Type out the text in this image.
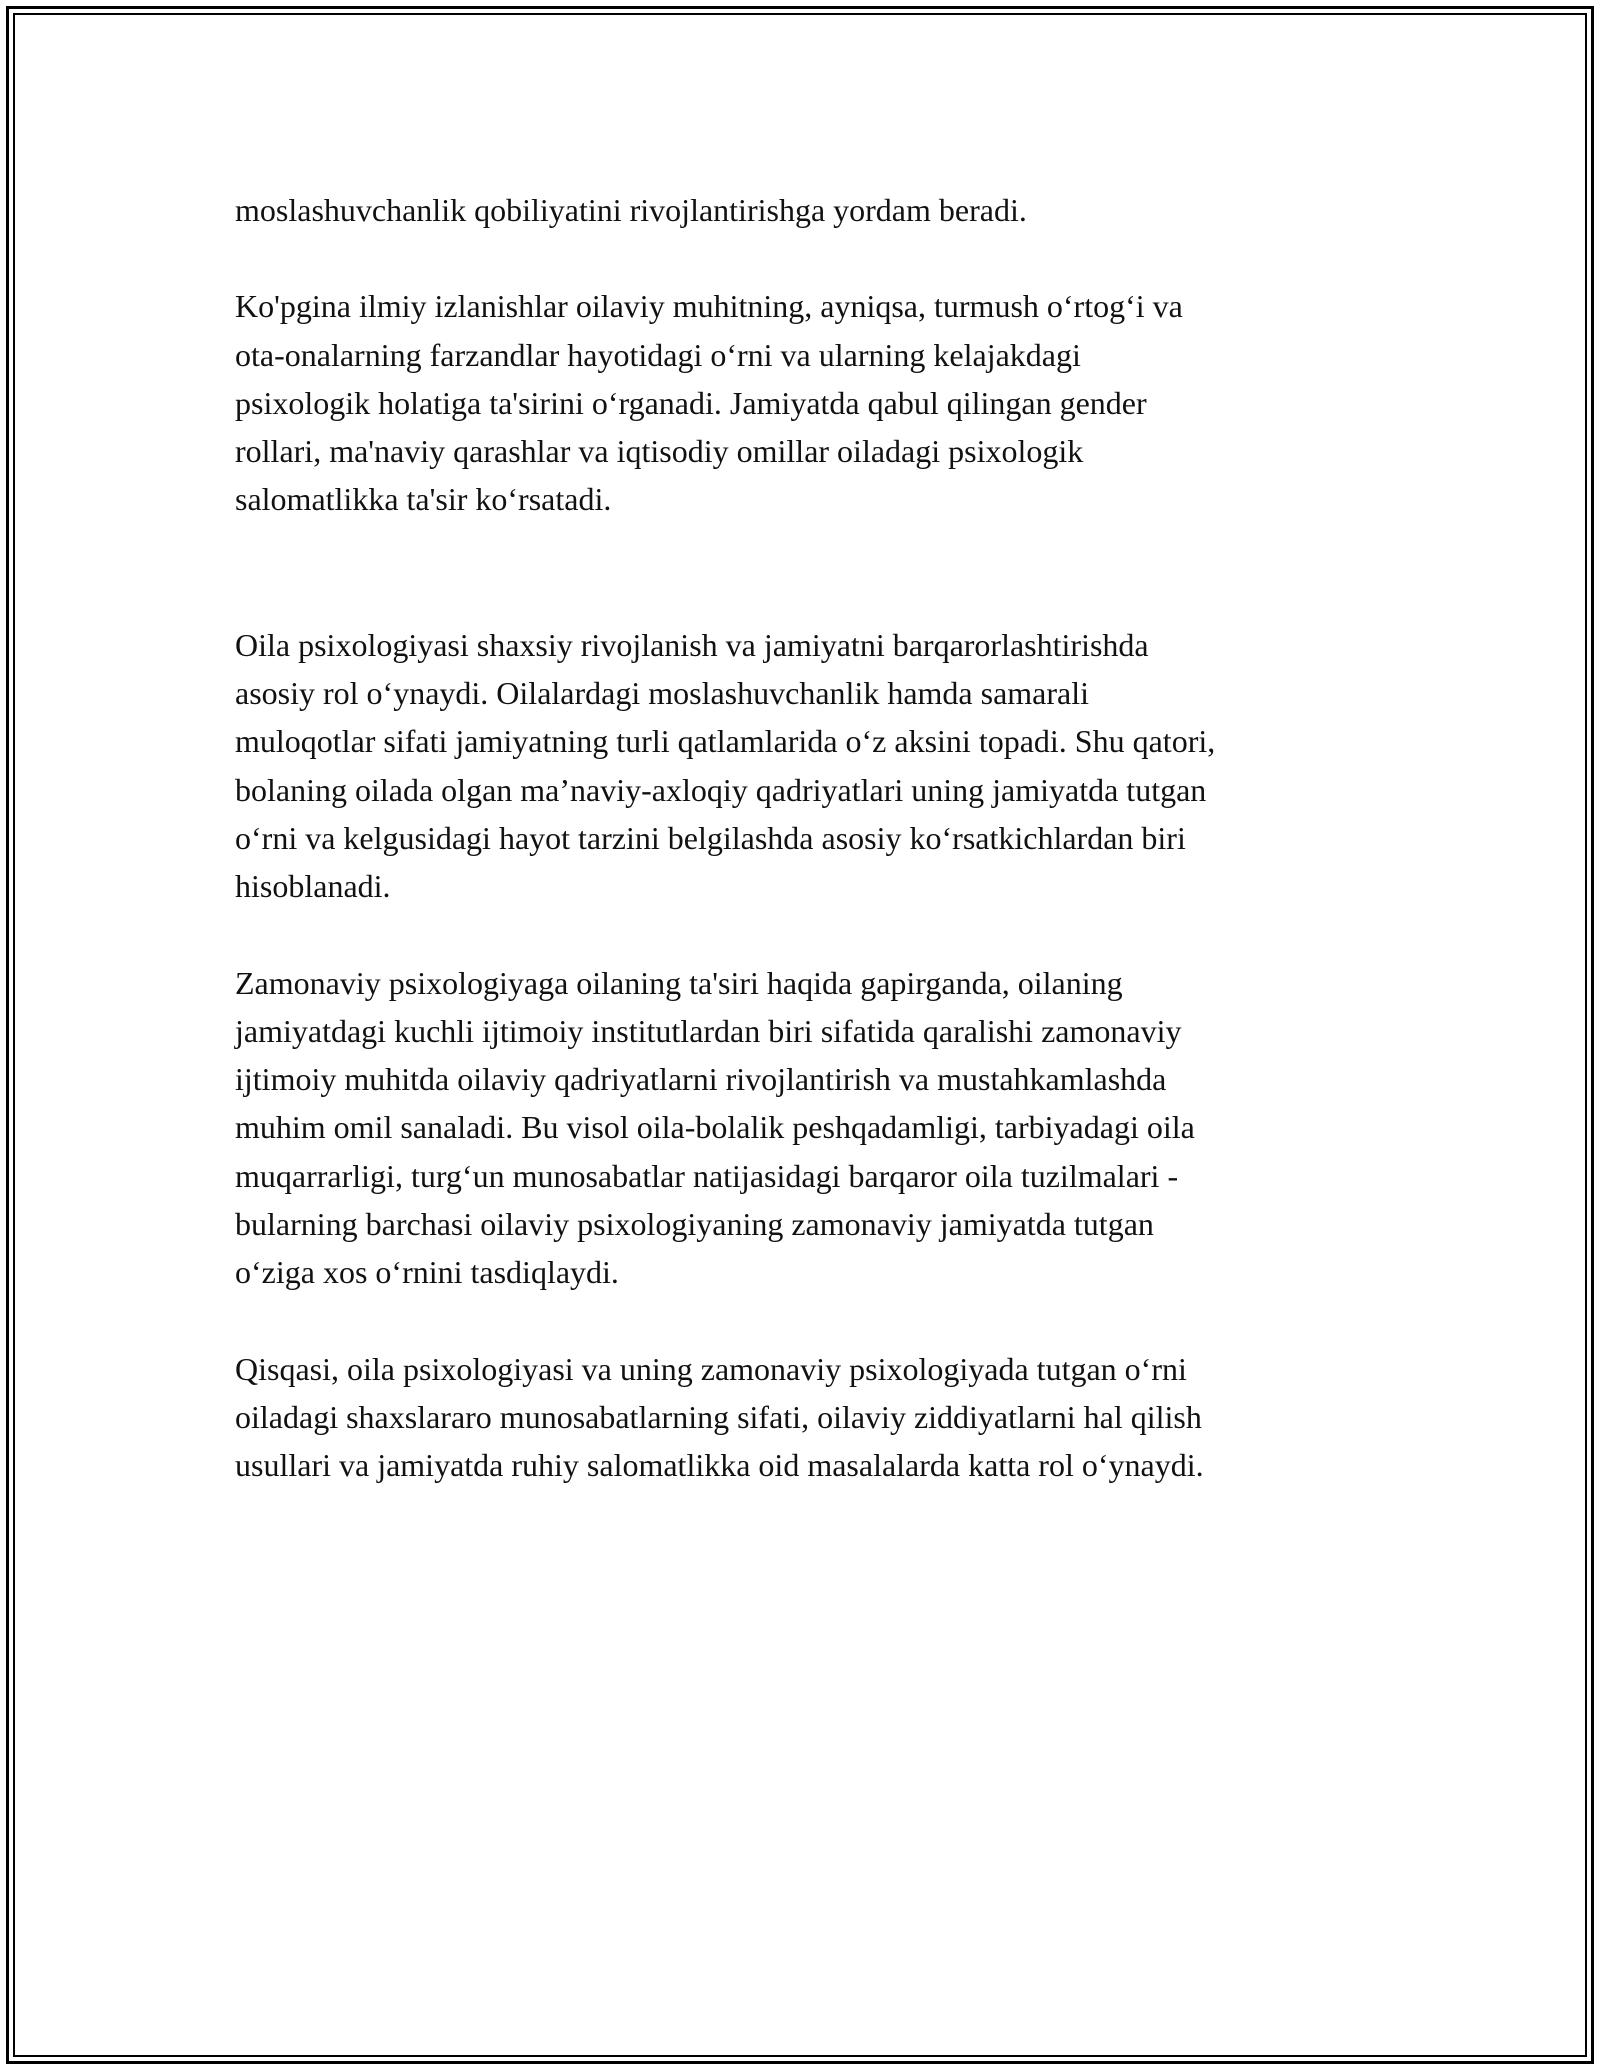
moslashuvchanlik qobiliyatini rivojlantirishga yordam beradi.

Ko'pgina ilmiy izlanishlar oilaviy muhitning, ayniqsa, turmush o‘rtog‘i va
ota-onalarning farzandlar hayotidagi o‘rni va ularning kelajakdagi
psixologik holatiga ta'sirini o‘rganadi. Jamiyatda qabul qilingan gender
rollari, ma'naviy qarashlar va iqtisodiy omillar oiladagi psixologik
salomatlikka ta'sir ko‘rsatadi.

Oila psixologiyasi shaxsiy rivojlanish va jamiyatni barqarorlashtirishda
asosiy rol o‘ynaydi. Oilalardagi moslashuvchanlik hamda samarali
muloqotlar sifati jamiyatning turli qatlamlarida o‘z aksini topadi. Shu qatori,
bolaning oilada olgan ma’naviy-axloqiy qadriyatlari uning jamiyatda tutgan
o‘rni va kelgusidagi hayot tarzini belgilashda asosiy ko‘rsatkichlardan biri
hisoblanadi.

Zamonaviy psixologiyaga oilaning ta'siri haqida gapirganda, oilaning
jamiyatdagi kuchli ijtimoiy institutlardan biri sifatida qaralishi zamonaviy
ijtimoiy muhitda oilaviy qadriyatlarni rivojlantirish va mustahkamlashda
muhim omil sanaladi. Bu visol oila-bolalik peshqadamligi, tarbiyadagi oila
muqarrarligi, turg‘un munosabatlar natijasidagi barqaror oila tuzilmalari -
bularning barchasi oilaviy psixologiyaning zamonaviy jamiyatda tutgan
o‘ziga xos o‘rnini tasdiqlaydi.

Qisqasi, oila psixologiyasi va uning zamonaviy psixologiyada tutgan o‘rni
oiladagi shaxslararo munosabatlarning sifati, oilaviy ziddiyatlarni hal qilish
usullari va jamiyatda ruhiy salomatlikka oid masalalarda katta rol o‘ynaydi.
